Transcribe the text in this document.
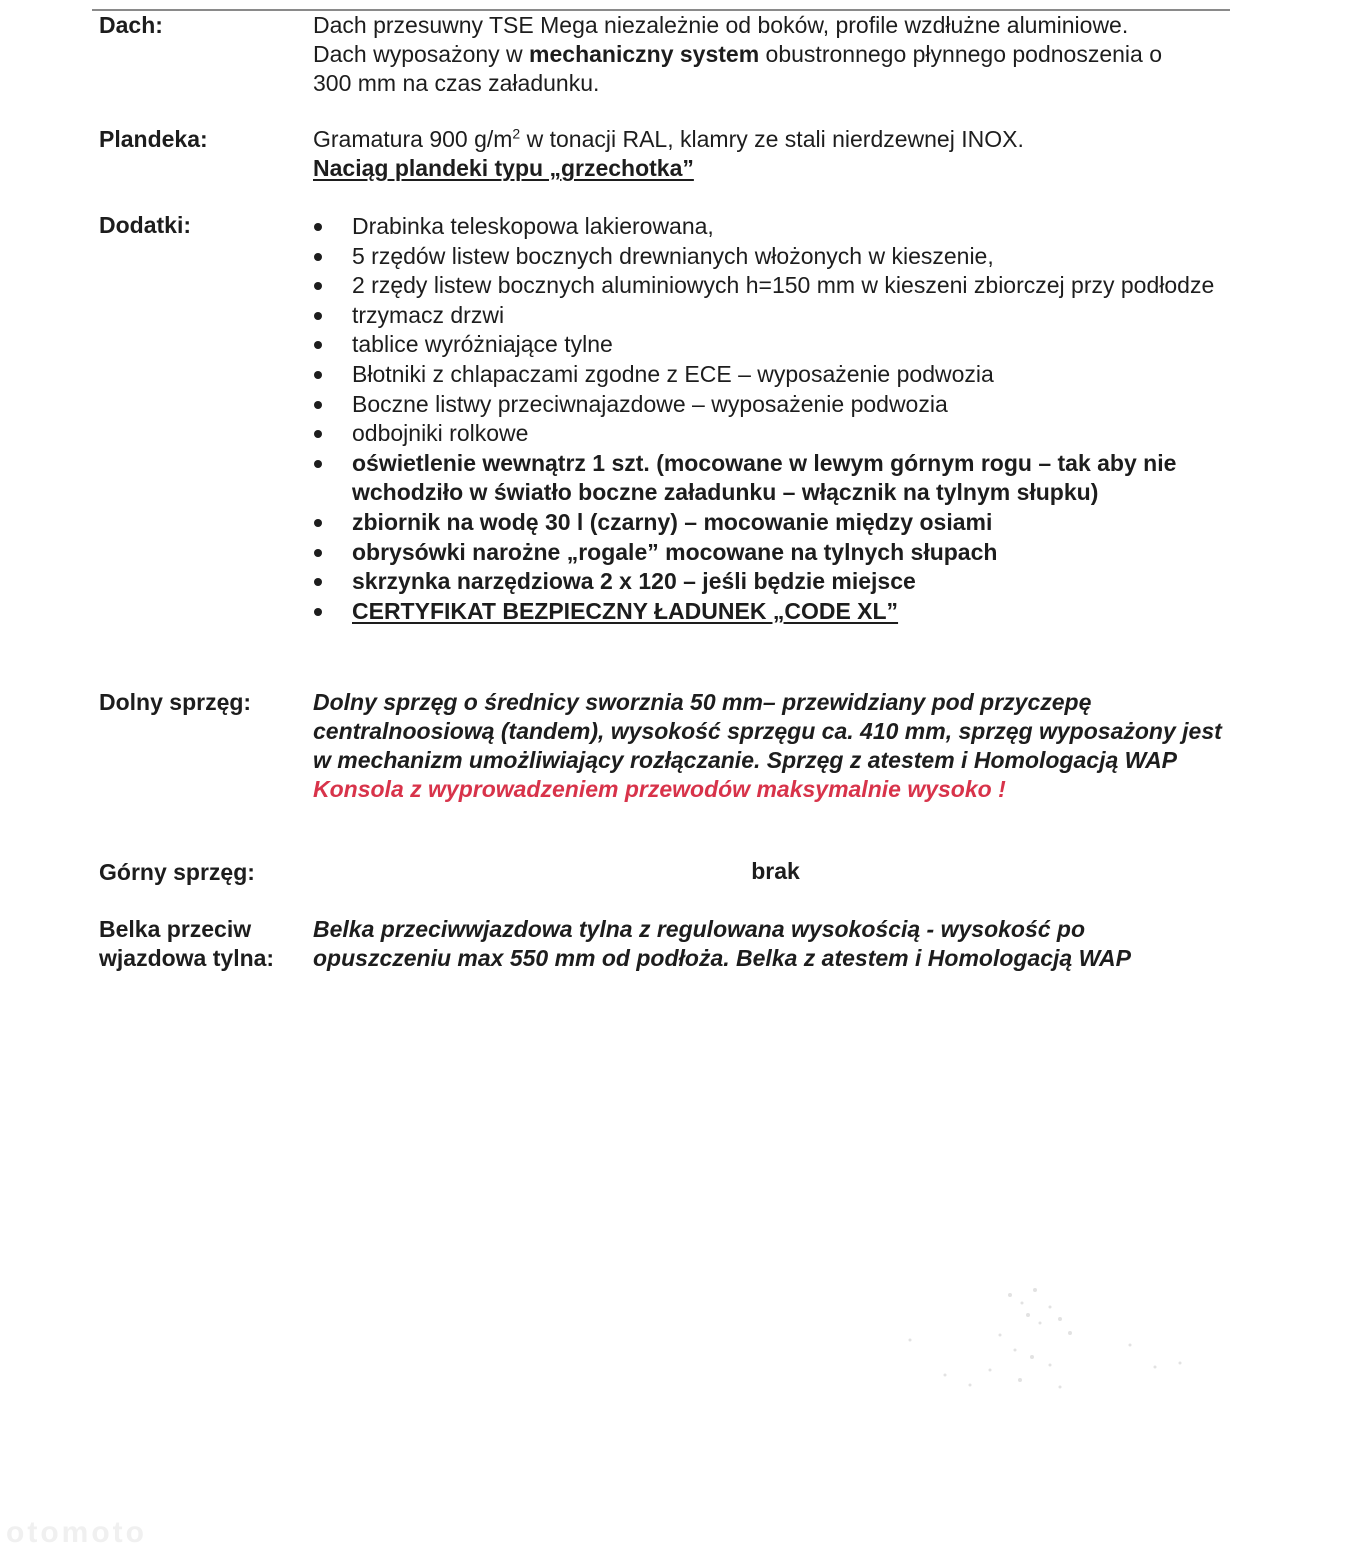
Dach:	Dach przesuwny TSE Mega niezależnie od boków, profile wzdłużne aluminiowe.

Dach wyposażony w mechaniczny system obustronnego płynnego podnoszenia o

300 mm na czas załadunku.

Plandeka:	Gramatura 900 $g/m^2$ w tonacji RAL, klamry ze stali nierdzewnej INOX.

Naciąg plandeki typu „grzechotka”

Dodatki:	Drabinka teleskopowa lakierowana,
5 rzędów listew bocznych drewnianych włożonych w kieszenie,
2 rzędy listew bocznych aluminiowych h=150 mm w kieszeni zbiorczej przy podłodze
trzymacz drzwi
tablice wyróżniające tylne
Błotniki z chlapaczami zgodne z ECE – wyposażenie podwozia
Boczne listwy przeciwnajazdowe – wyposażenie podwozia
odbojniki rolkowe
oświetlenie wewnątrz 1 szt. (mocowane w lewym górnym rogu – tak aby nie wchodziło w światło boczne załadunku – włącznik na tylnym słupku)
zbiornik na wodę 30 l (czarny) – mocowanie między osiami
obrysówki narożne „rogale” mocowane na tylnych słupach
skrzynka narzędziowa 2 x 120 – jeśli będzie miejsce
CERTYFIKAT BEZPIECZNY ŁADUNEK „CODE XL”
Dolny sprzęg:	Dolny sprzęg o średnicy sworznia 50 mm– przewidziany pod przyczepę centralnoosiową (tandem), wysokość sprzęgu ca. 410 mm, sprzęg wyposażony jest w mechanizm umożliwiający rozłączanie. Sprzęg z atestem i Homologacją WAP

Konsola z wyprowadzeniem przewodów maksymalnie wysoko !

Górny sprzęg:	brak
Belka przeciw
wjazdowa tylna:

Belka przeciwwjazdowa tylna z regulowana wysokością - wysokość po opuszczeniu max 550 mm od podłoża. Belka z atestem i Homologacją WAP

otomoto
